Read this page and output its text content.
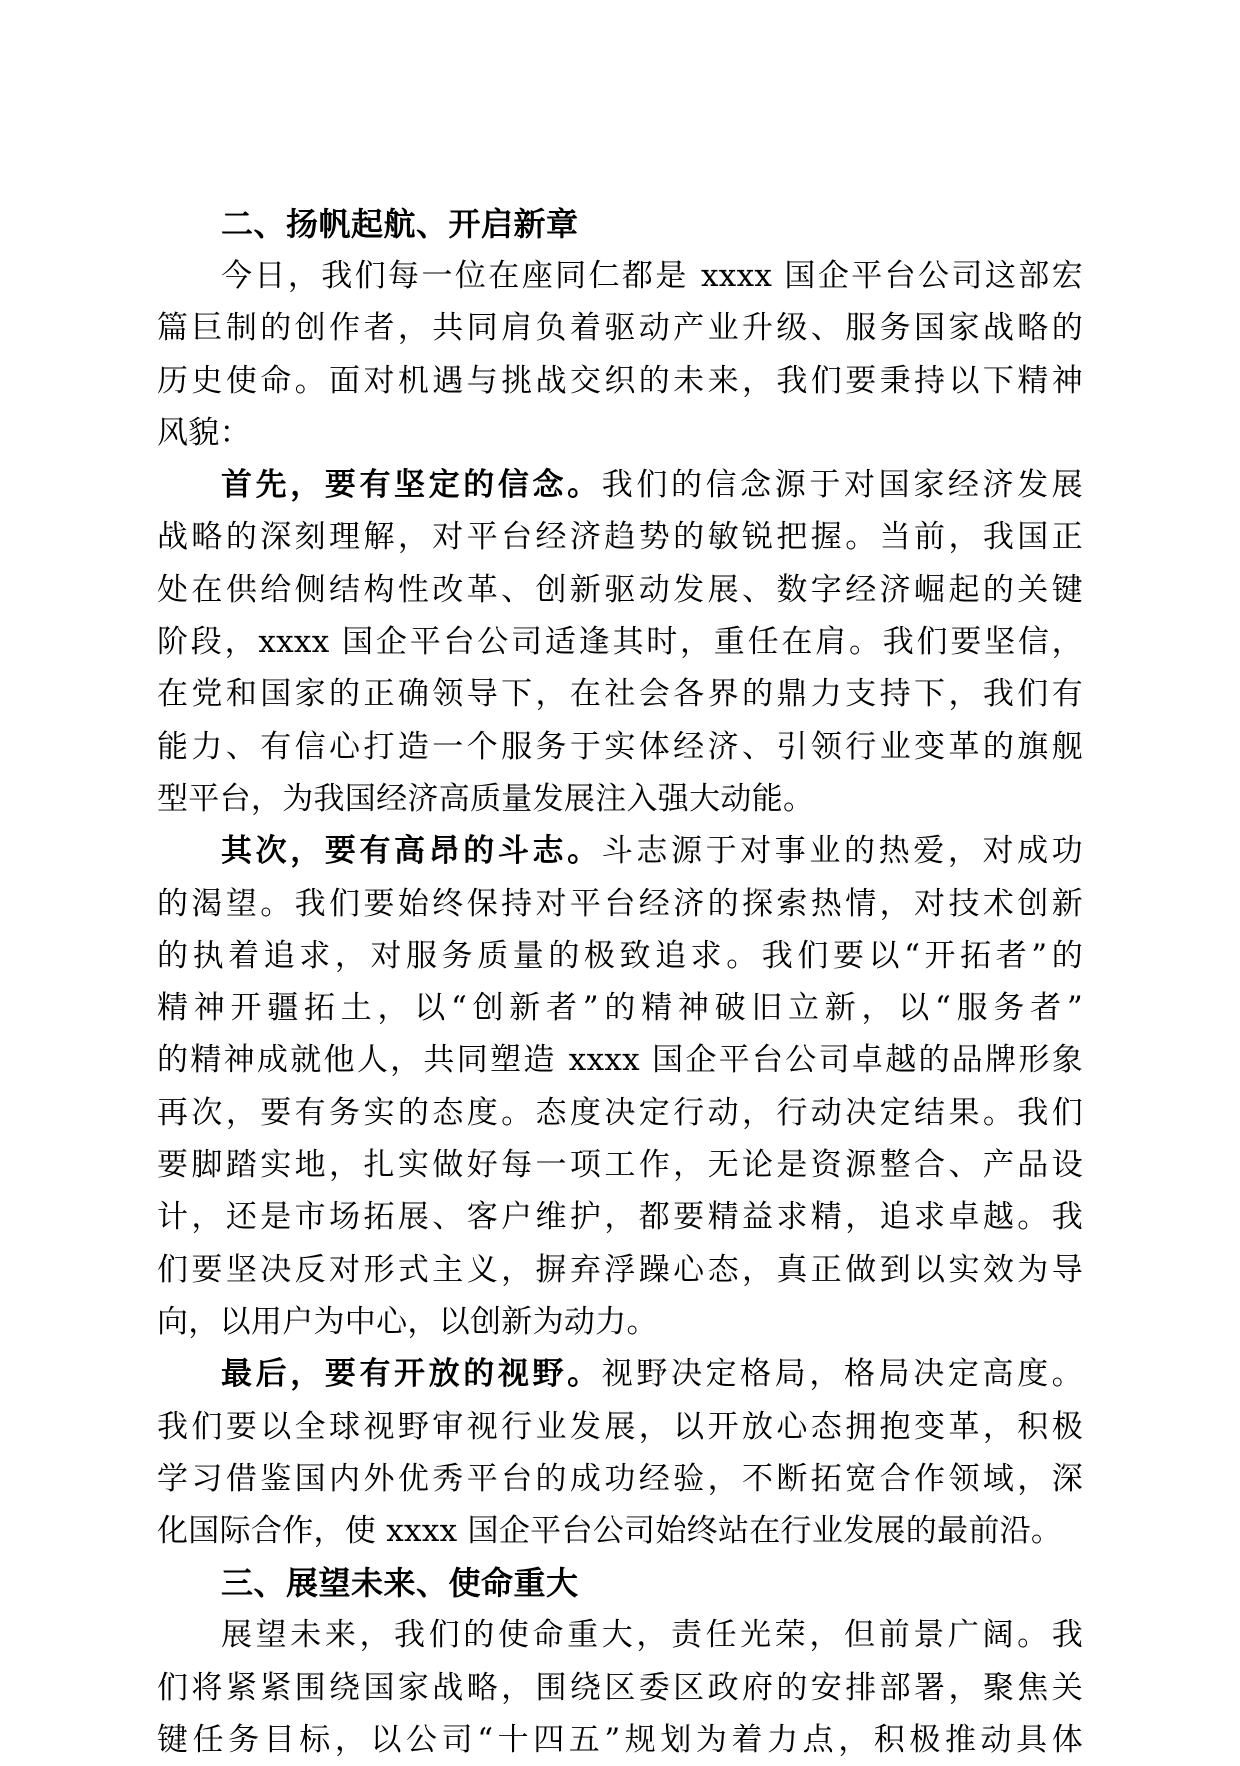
二、扬帆起航、开启新章

今日，我们每一位在座同仁都是 xxxx 国企平台公司这部宏
篇巨制的创作者，共同肩负着驱动产业升级、服务国家战略的
历史使命。面对机遇与挑战交织的未来，我们要秉持以下精神
风貌：

首先，要有坚定的信念。我们的信念源于对国家经济发展
战略的深刻理解，对平台经济趋势的敏锐把握。当前，我国正
处在供给侧结构性改革、创新驱动发展、数字经济崛起的关键
阶段，xxxx 国企平台公司适逢其时，重任在肩。我们要坚信，
在党和国家的正确领导下，在社会各界的鼎力支持下，我们有
能力、有信心打造一个服务于实体经济、引领行业变革的旗舰
型平台，为我国经济高质量发展注入强大动能。

其次，要有高昂的斗志。斗志源于对事业的热爱，对成功
的渴望。我们要始终保持对平台经济的探索热情，对技术创新
的执着追求，对服务质量的极致追求。我们要以“开拓者”的
精神开疆拓土，以“创新者”的精神破旧立新，以“服务者”
的精神成就他人，共同塑造 xxxx 国企平台公司卓越的品牌形象
再次，要有务实的态度。态度决定行动，行动决定结果。我们
要脚踏实地，扎实做好每一项工作，无论是资源整合、产品设
计，还是市场拓展、客户维护，都要精益求精，追求卓越。我
们要坚决反对形式主义，摒弃浮躁心态，真正做到以实效为导
向，以用户为中心，以创新为动力。

最后，要有开放的视野。视野决定格局，格局决定高度。
我们要以全球视野审视行业发展，以开放心态拥抱变革，积极
学习借鉴国内外优秀平台的成功经验，不断拓宽合作领域，深
化国际合作，使 xxxx 国企平台公司始终站在行业发展的最前沿。

三、展望未来、使命重大

展望未来，我们的使命重大，责任光荣，但前景广阔。我
们将紧紧围绕国家战略，围绕区委区政府的安排部署，聚焦关
键任务目标，以公司“十四五”规划为着力点，积极推动具体
